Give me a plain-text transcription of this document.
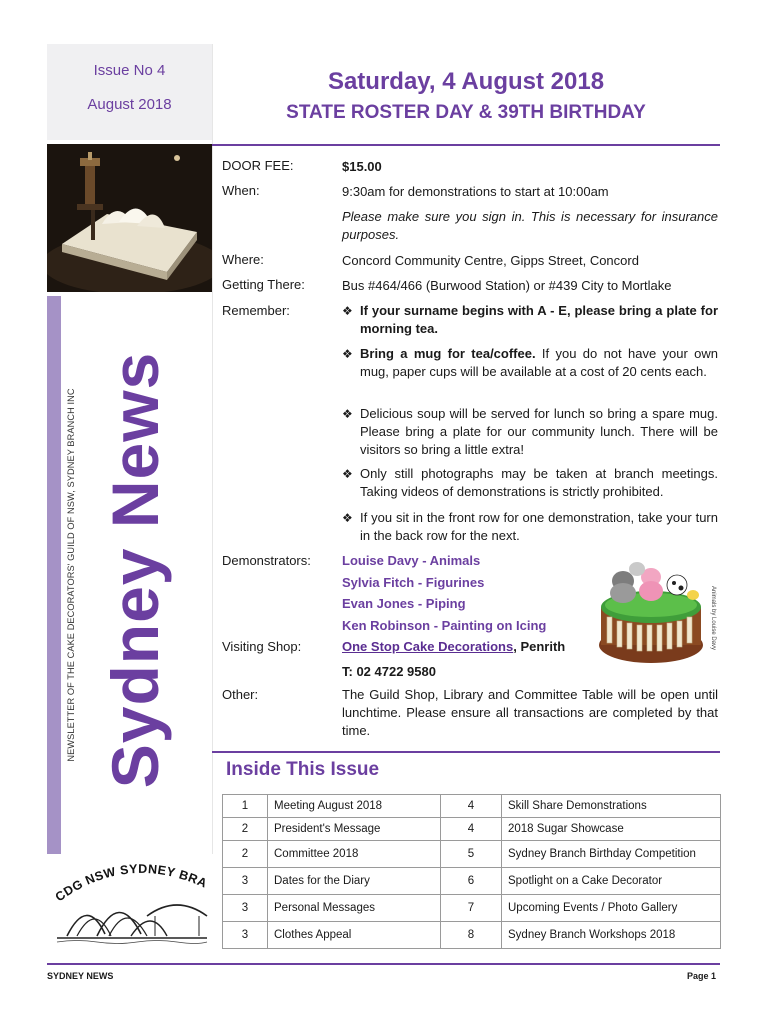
Issue No 4
August 2018
NEWSLETTER OF THE CAKE DECORATORS' GUILD OF NSW, SYDNEY BRANCH INC Sydney News
CDG NSW SYDNEY BRA
Saturday, 4 August 2018
STATE ROSTER DAY & 39TH BIRTHDAY
DOOR FEE:	$15.00
When:	9:30am for demonstrations to start at 10:00am
Please make sure you sign in. This is necessary for insurance purposes.
Where:	Concord Community Centre, Gipps Street, Concord
Getting There:	Bus #464/466 (Burwood Station) or #439 City to Mortlake
Remember:	❖ If your surname begins with A - E, please bring a plate for morning tea.
❖ Bring a mug for tea/coffee. If you do not have your own mug, paper cups will be available at a cost of 20 cents each.
❖ Delicious soup will be served for lunch so bring a spare mug. Please bring a plate for our community lunch. There will be visitors so bring a little extra!
❖ Only still photographs may be taken at branch meetings. Taking videos of demonstrations is strictly prohibited.
❖ If you sit in the front row for one demonstration, take your turn in the back row for the next.
Demonstrators: Louise Davy - Animals
Sylvia Fitch - Figurines
Evan Jones - Piping
Ken Robinson - Painting on Icing
Visiting Shop:	One Stop Cake Decorations, Penrith
T: 02 4722 9580
Animals by Louise Davy
Other:	The Guild Shop, Library and Committee Table will be open until lunchtime. Please ensure all transactions are completed by that time.
Inside This Issue
1	Meeting August 2018	4	Skill Share Demonstrations
2	President's Message	4	2018 Sugar Showcase
2	Committee 2018	5	Sydney Branch Birthday Competition
3	Dates for the Diary	6	Spotlight on a Cake Decorator
3	Personal Messages	7	Upcoming Events / Photo Gallery
3	Clothes Appeal	8	Sydney Branch Workshops 2018
SYDNEY NEWS	Page 1
